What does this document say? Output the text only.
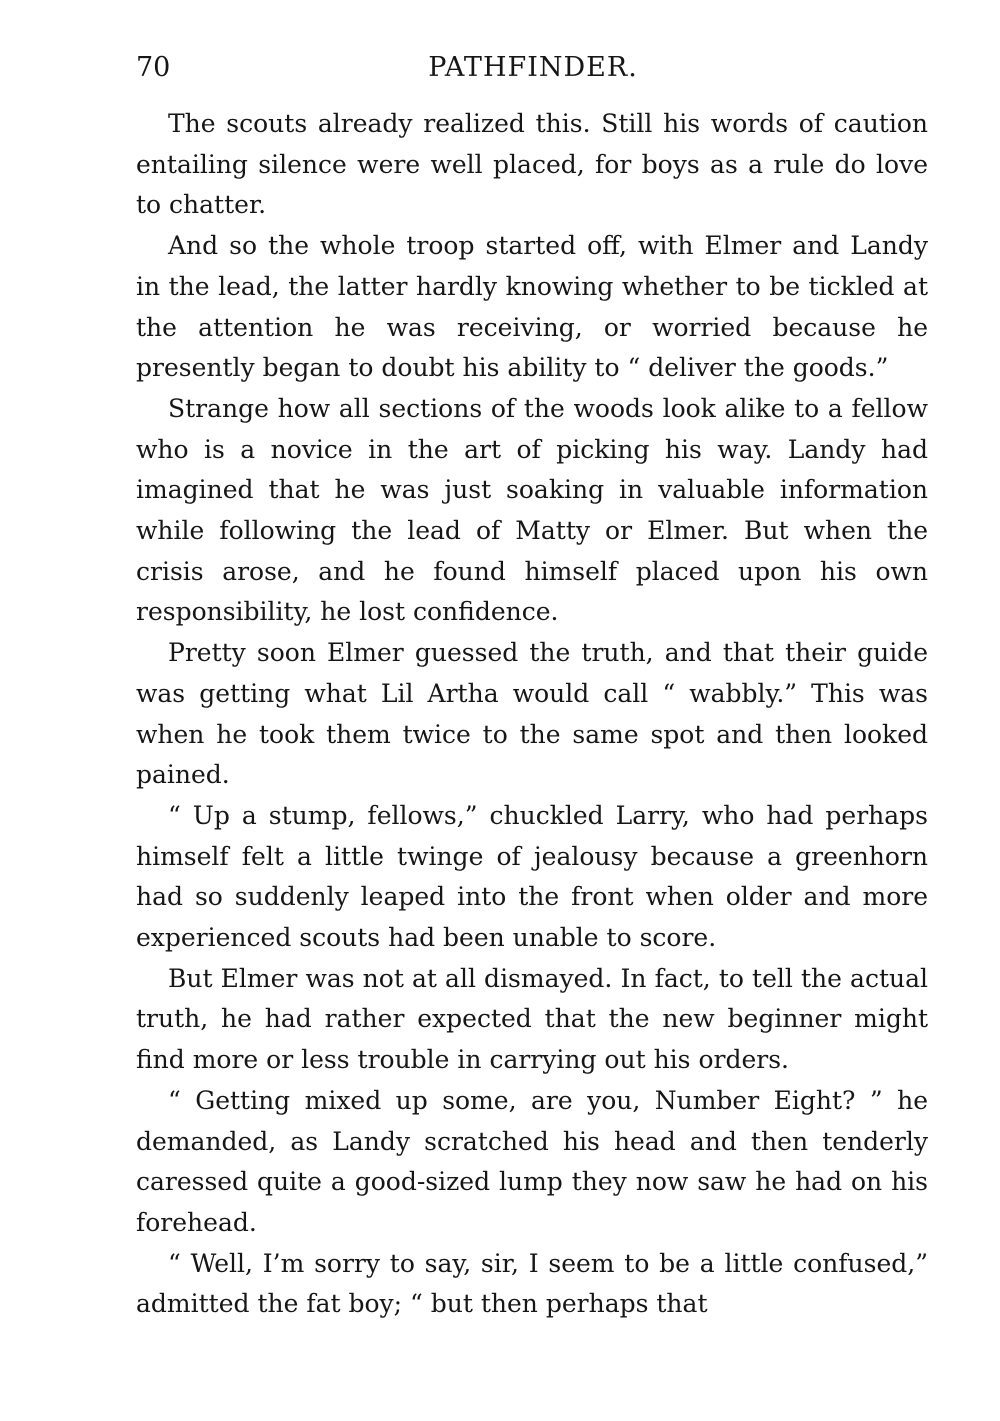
70	PATHFINDER.

The scouts already realized this. Still his words of caution entailing silence were well placed, for boys as a rule do love to chatter.

And so the whole troop started off, with Elmer and Landy in the lead, the latter hardly knowing whether to be tickled at the attention he was receiving, or worried because he presently began to doubt his ability to “ deliver the goods.”

Strange how all sections of the woods look alike to a fellow who is a novice in the art of picking his way. Landy had imagined that he was just soaking in valuable information while following the lead of Matty or Elmer. But when the crisis arose, and he found himself placed upon his own responsibility, he lost confidence.

Pretty soon Elmer guessed the truth, and that their guide was getting what Lil Artha would call “ wabbly.” This was when he took them twice to the same spot and then looked pained.

“ Up a stump, fellows,” chuckled Larry, who had perhaps himself felt a little twinge of jealousy because a greenhorn had so suddenly leaped into the front when older and more experienced scouts had been unable to score.

But Elmer was not at all dismayed. In fact, to tell the actual truth, he had rather expected that the new beginner might find more or less trouble in carrying out his orders.

“ Getting mixed up some, are you, Number Eight? ” he demanded, as Landy scratched his head and then tenderly caressed quite a good-sized lump they now saw he had on his forehead.

“ Well, I’m sorry to say, sir, I seem to be a little confused,” admitted the fat boy; “ but then perhaps that
